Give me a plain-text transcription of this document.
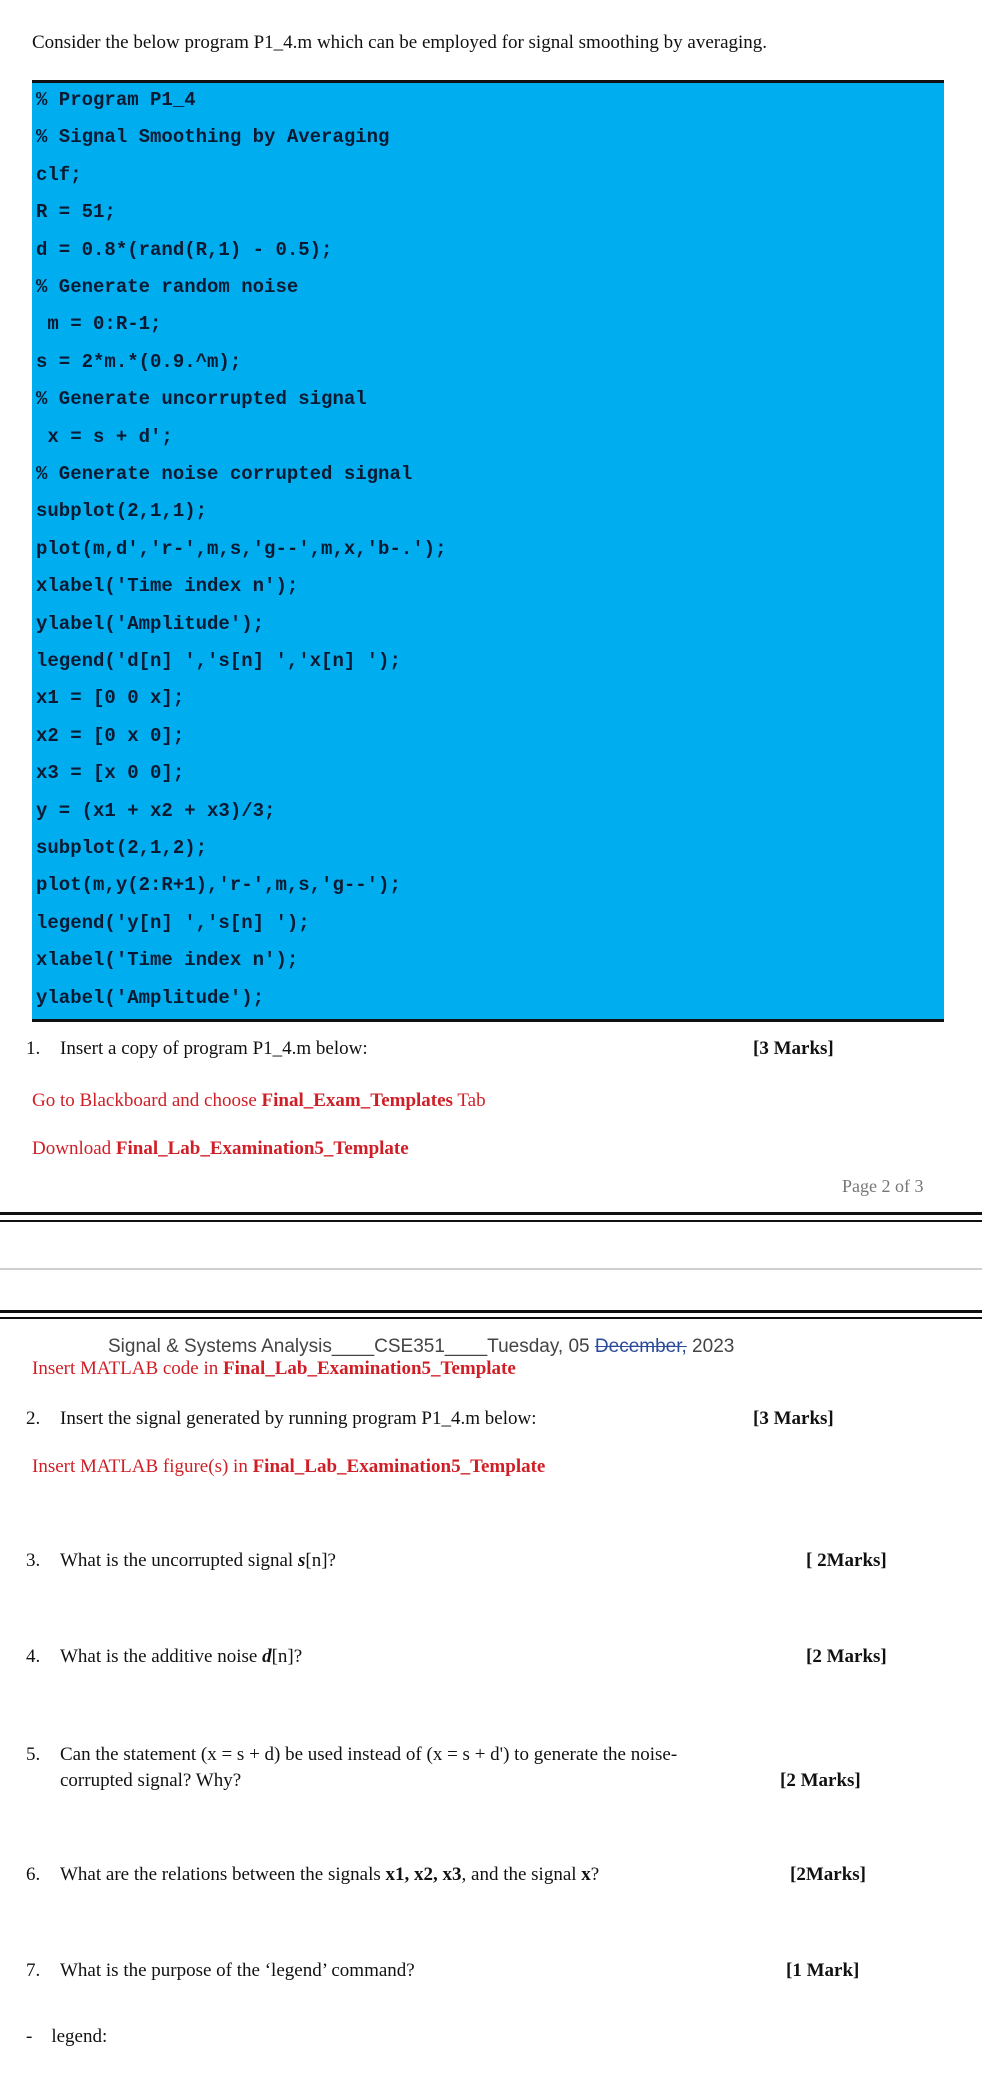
Consider the below program P1_4.m which can be employed for signal smoothing by averaging.
% Program P1_4
% Signal Smoothing by Averaging
clf;
R = 51;
d = 0.8*(rand(R,1) - 0.5);
% Generate random noise
m = 0:R-1;
s = 2*m.*(0.9.^m);
% Generate uncorrupted signal
x = s + d';
% Generate noise corrupted signal
subplot(2,1,1);
plot(m,d','r-',m,s,'g--',m,x,'b-.');
xlabel('Time index n');
ylabel('Amplitude');
legend('d[n] ','s[n] ','x[n] ');
x1 = [0 0 x];
x2 = [0 x 0];
x3 = [x 0 0];
y = (x1 + x2 + x3)/3;
subplot(2,1,2);
plot(m,y(2:R+1),'r-',m,s,'g--');
legend('y[n] ','s[n] ');
xlabel('Time index n');
ylabel('Amplitude');
1. Insert a copy of program P1_4.m below:	[3 Marks]
Go to Blackboard and choose Final_Exam_Templates Tab
Download Final_Lab_Examination5_Template
Page 2 of 3
Signal & Systems Analysis____CSE351____Tuesday, 05 December, 2023
Insert MATLAB code in Final_Lab_Examination5_Template
2. Insert the signal generated by running program P1_4.m below:	[3 Marks]
Insert MATLAB figure(s) in Final_Lab_Examination5_Template
3. What is the uncorrupted signal s[n]?	[ 2Marks]
4. What is the additive noise d[n]?	[2 Marks]
5. Can the statement (x = s + d) be used instead of (x = s + d') to generate the noise-
corrupted signal? Why?	[2 Marks]
6. What are the relations between the signals x1, x2, x3, and the signal x?	[2Marks]
7. What is the purpose of the ‘legend’ command?	[1 Mark]
-    legend:
